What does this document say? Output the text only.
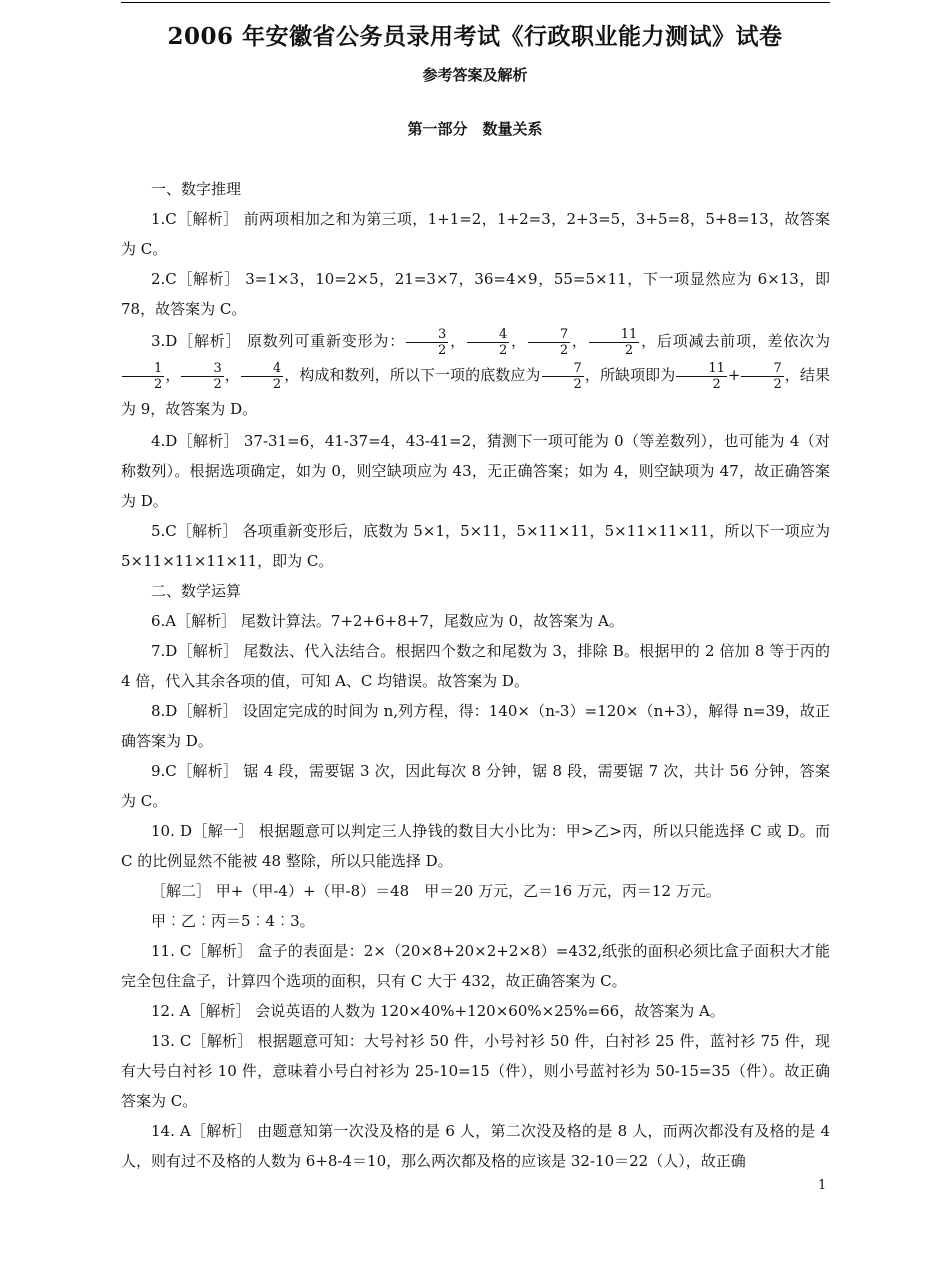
2006 年安徽省公务员录用考试《行政职业能力测试》试卷
参考答案及解析
第一部分　数量关系

一、数字推理

1.C［解析］ 前两项相加之和为第三项，1+1=2，1+2=3，2+3=5，3+5=8，5+8=13，故答案为 C。

2.C［解析］ 3=1×3，10=2×5，21=3×7，36=4×9，55=5×11，下一项显然应为 6×13，即 78，故答案为 C。

3.D［解析］ 原数列可重新变形为： $\frac{3}{2}$ ， $\frac{4}{2}$ ， $\frac{7}{2}$ ， $\frac{11}{2}$ ，后项减去前项，差依次为
$\frac{1}{2}$ ， $\frac{3}{2}$ ， $\frac{4}{2}$ ，构成和数列，所以下一项的底数应为 $\frac{7}{2}$ ，所缺项即为 $\frac{11}{2} + \frac{7}{2}$ ，结果为 9，故答案为 D。

4.D［解析］ 37-31=6，41-37=4，43-41=2，猜测下一项可能为 0（等差数列），也可能为 4（对称数列）。根据选项确定，如为 0，则空缺项应为 43，无正确答案；如为 4，则空缺项为 47，故正确答案为 D。

5.C［解析］ 各项重新变形后，底数为 5×1，5×11，5×11×11，5×11×11×11，所以下一项应为 5×11×11×11×11，即为 C。

二、数学运算

6.A［解析］ 尾数计算法。7+2+6+8+7，尾数应为 0，故答案为 A。

7.D［解析］ 尾数法、代入法结合。根据四个数之和尾数为 3，排除 B。根据甲的 2 倍加 8 等于丙的 4 倍，代入其余各项的值，可知 A、C 均错误。故答案为 D。

8.D［解析］ 设固定完成的时间为 n,列方程，得：140×（n-3）=120×（n+3），解得 n=39，故正确答案为 D。

9.C［解析］ 锯 4 段，需要锯 3 次，因此每次 8 分钟，锯 8 段，需要锯 7 次，共计 56 分钟，答案为 C。

10. D［解一］ 根据题意可以判定三人挣钱的数目大小比为：甲>乙>丙，所以只能选择 C 或 D。而 C 的比例显然不能被 48 整除，所以只能选择 D。

［解二］ 甲+（甲-4）+（甲-8）＝48　甲＝20 万元，乙＝16 万元，丙＝12 万元。

甲︰乙︰丙＝5︰4︰3。

11. C［解析］ 盒子的表面是：2×（20×8+20×2+2×8）=432,纸张的面积必须比盒子面积大才能完全包住盒子，计算四个选项的面积，只有 C 大于 432，故正确答案为 C。

12. A［解析］ 会说英语的人数为 120×40%+120×60%×25%=66，故答案为 A。

13. C［解析］ 根据题意可知：大号衬衫 50 件，小号衬衫 50 件，白衬衫 25 件，蓝衬衫 75 件，现有大号白衬衫 10 件，意味着小号白衬衫为 25-10=15（件），则小号蓝衬衫为 50-15=35（件）。故正确答案为 C。

14. A［解析］ 由题意知第一次没及格的是 6 人，第二次没及格的是 8 人，而两次都没有及格的是 4 人，则有过不及格的人数为 6+8-4＝10，那么两次都及格的应该是 32-10＝22（人），故正确

1
